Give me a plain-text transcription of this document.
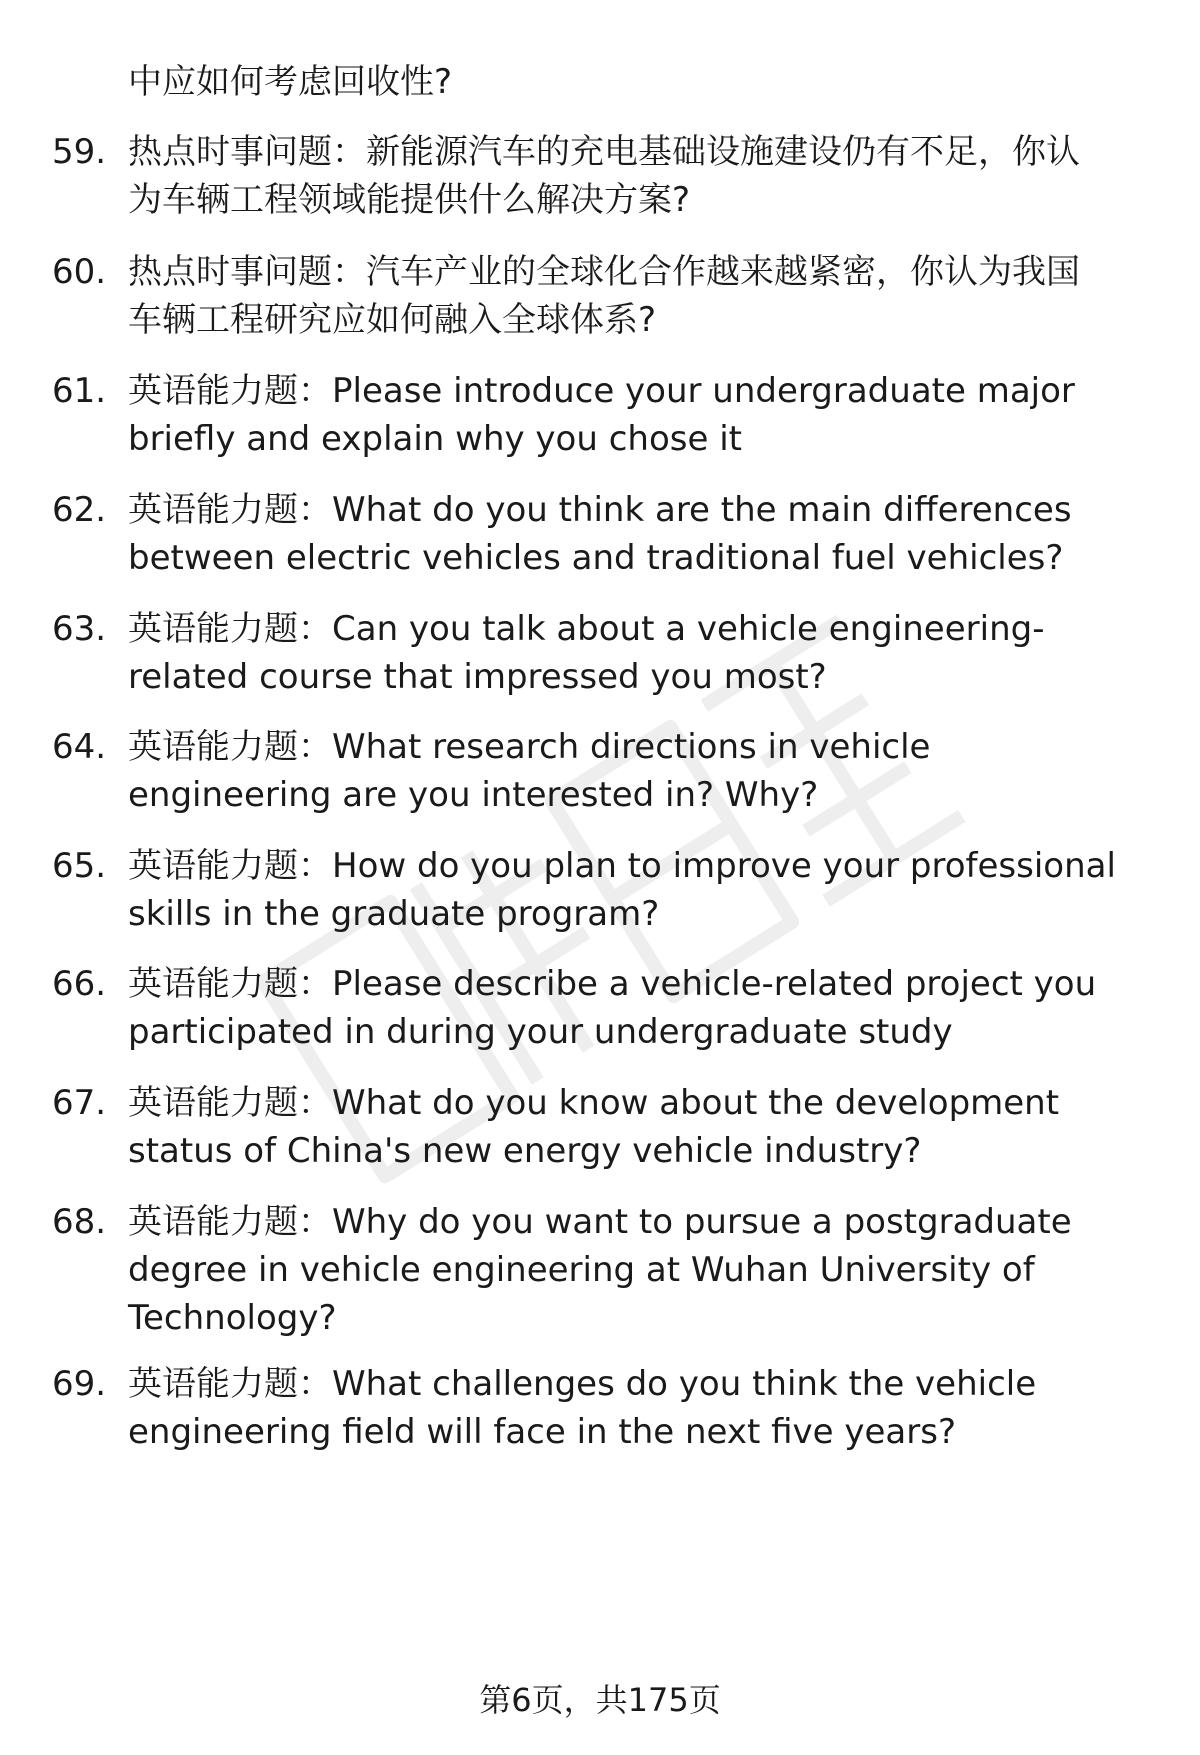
中应如何考虑回收性?
59. 热点时事问题：新能源汽车的充电基础设施建设仍有不足，你认
为车辆工程领域能提供什么解决方案?
60. 热点时事问题：汽车产业的全球化合作越来越紧密，你认为我国
车辆工程研究应如何融入全球体系?
61. 英语能力题：Please introduce your undergraduate major
briefly and explain why you chose it
62. 英语能力题：What do you think are the main differences
between electric vehicles and traditional fuel vehicles?
63. 英语能力题：Can you talk about a vehicle engineering-
related course that impressed you most?
64. 英语能力题：What research directions in vehicle
engineering are you interested in? Why?
65. 英语能力题：How do you plan to improve your professional
skills in the graduate program?
66. 英语能力题：Please describe a vehicle-related project you
participated in during your undergraduate study
67. 英语能力题：What do you know about the development
status of China's new energy vehicle industry?
68. 英语能力题：Why do you want to pursue a postgraduate
degree in vehicle engineering at Wuhan University of
Technology?
69. 英语能力题：What challenges do you think the vehicle
engineering field will face in the next five years?
第6页，共175页
